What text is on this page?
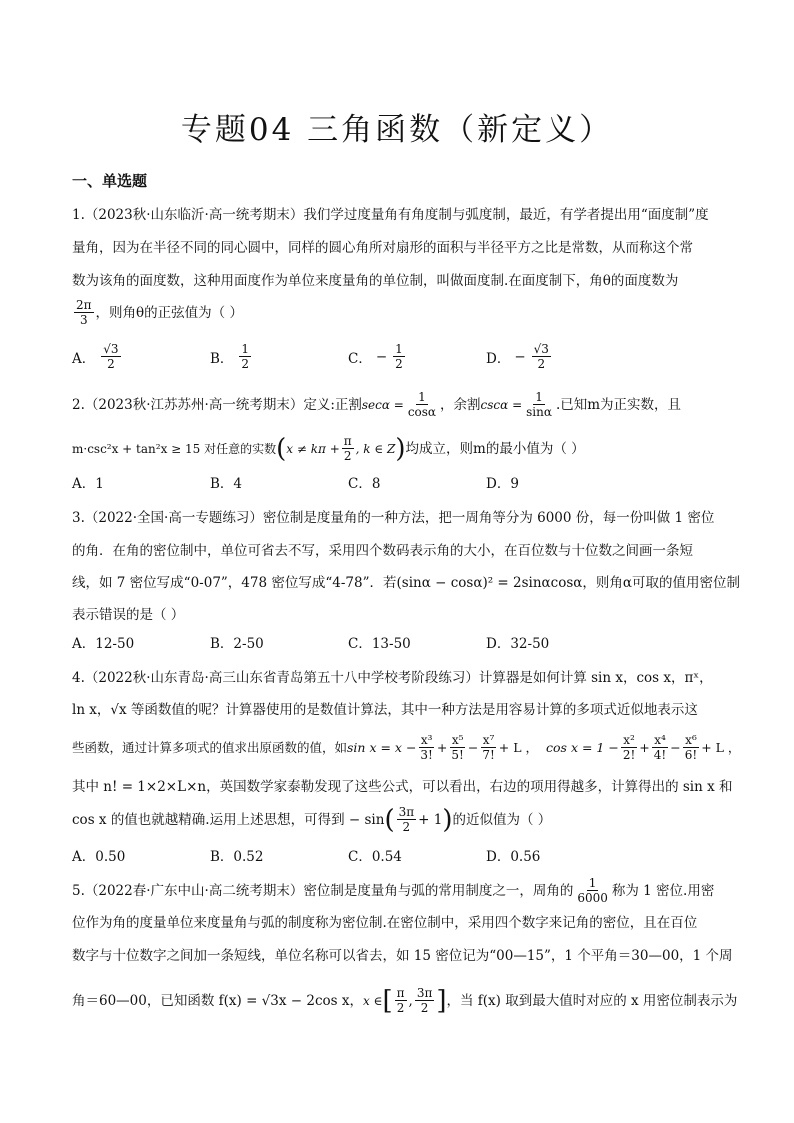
专题04 三角函数（新定义）
一、单选题
1.（2023秋·山东临沂·高一统考期末）我们学过度量角有角度制与弧度制，最近，有学者提出用“面度制”度
量角，因为在半径不同的同心圆中，同样的圆心角所对扇形的面积与半径平方之比是常数，从而称这个常
数为该角的面度数，这种用面度作为单位来度量角的单位制，叫做面度制.在面度制下，角θ的面度数为
$\frac{2\pi}{3}$ ，则角θ的正弦值为（ ）
A． $\frac{√3}{2}$	B． $\frac{1}{2}$	C． − $\frac{1}{2}$	D． − $\frac{√3}{2}$
2.（2023秋·江苏苏州·高一统考期末）定义:正割 $\sec\alpha = \frac{1}{\cos\alpha}$ ，余割 $\csc\alpha = \frac{1}{\sin\alpha}$ .已知m为正实数，且
m·csc²x + tan²x ≥ 15 对任意的实数 ( $x \ne k\pi + \frac{\pi}{2}$ , k ∈ Z ) 均成立，则m的最小值为（ ）
A．1	B．4	C．8	D．9
3.（2022·全国·高一专题练习）密位制是度量角的一种方法，把一周角等分为 6000 份，每一份叫做 1 密位
的角．在角的密位制中，单位可省去不写，采用四个数码表示角的大小，在百位数与十位数之间画一条短
线，如 7 密位写成“0-07”，478 密位写成“4-78”．若(sinα − cosα)² = 2sinαcosα，则角α可取的值用密位制
表示错误的是（ ）
A．12-50	B．2-50	C．13-50	D．32-50
4.（2022秋·山东青岛·高三山东省青岛第五十八中学校考阶段练习）计算器是如何计算 sin x，cos x，πˣ，
ln x，√x 等函数值的呢？计算器使用的是数值计算法，其中一种方法是用容易计算的多项式近似地表示这
些函数，通过计算多项式的值求出原函数的值，如 $\sin x = x - \frac{\text{x³}}{3!} + \frac{\text{x⁵}}{5!} - \frac{\text{x⁷}}{7!} + L$ ， $\cos x = 1 - \frac{\text{x²}}{2!} + \frac{\text{x⁴}}{4!} - \frac{\text{x⁶}}{6!} + L$ ，
其中 n! = 1×2×L×n，英国数学家泰勒发现了这些公式，可以看出，右边的项用得越多，计算得出的 sin x 和
cos x 的值也就越精确.运用上述思想，可得到 − sin ( $\frac{3\pi}{2} + 1$ ) 的近似值为（ ）
A．0.50	B．0.52	C．0.54	D．0.56
5.（2022春·广东中山·高二统考期末）密位制是度量角与弧的常用制度之一，周角的 $\frac{1}{6000}$ 称为 1 密位.用密
位作为角的度量单位来度量角与弧的制度称为密位制.在密位制中，采用四个数字来记角的密位，且在百位
数字与十位数字之间加一条短线，单位名称可以省去，如 15 密位记为“00—15”，1 个平角＝30—00，1 个周
角＝60—00，已知函数 f(x) = √3x − 2cos x， x ∈ [ $\frac{\pi}{2}$ , $\frac{3\pi}{2}$ ] ，当 f(x) 取到最大值时对应的 x 用密位制表示为
